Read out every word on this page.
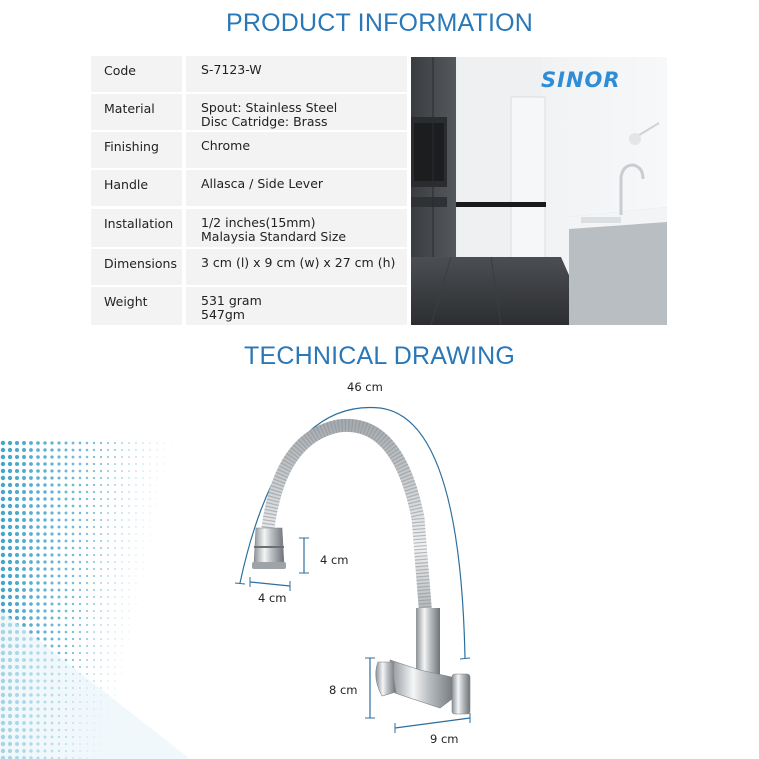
PRODUCT INFORMATION
Code	S-7123-W
Material	Spout: Stainless Steel
Disc Catridge: Brass
Finishing	Chrome
Handle	Allasca / Side Lever
Installation 1/2 inches(15mm)
Malaysia Standard Size
Dimensions 3 cm (l) x 9 cm (w) x 27 cm (h)
Weight	531 gram
547gm
SINOR
TECHNICAL DRAWING
46 cm
4 cm
4 cm
8 cm
9 cm
